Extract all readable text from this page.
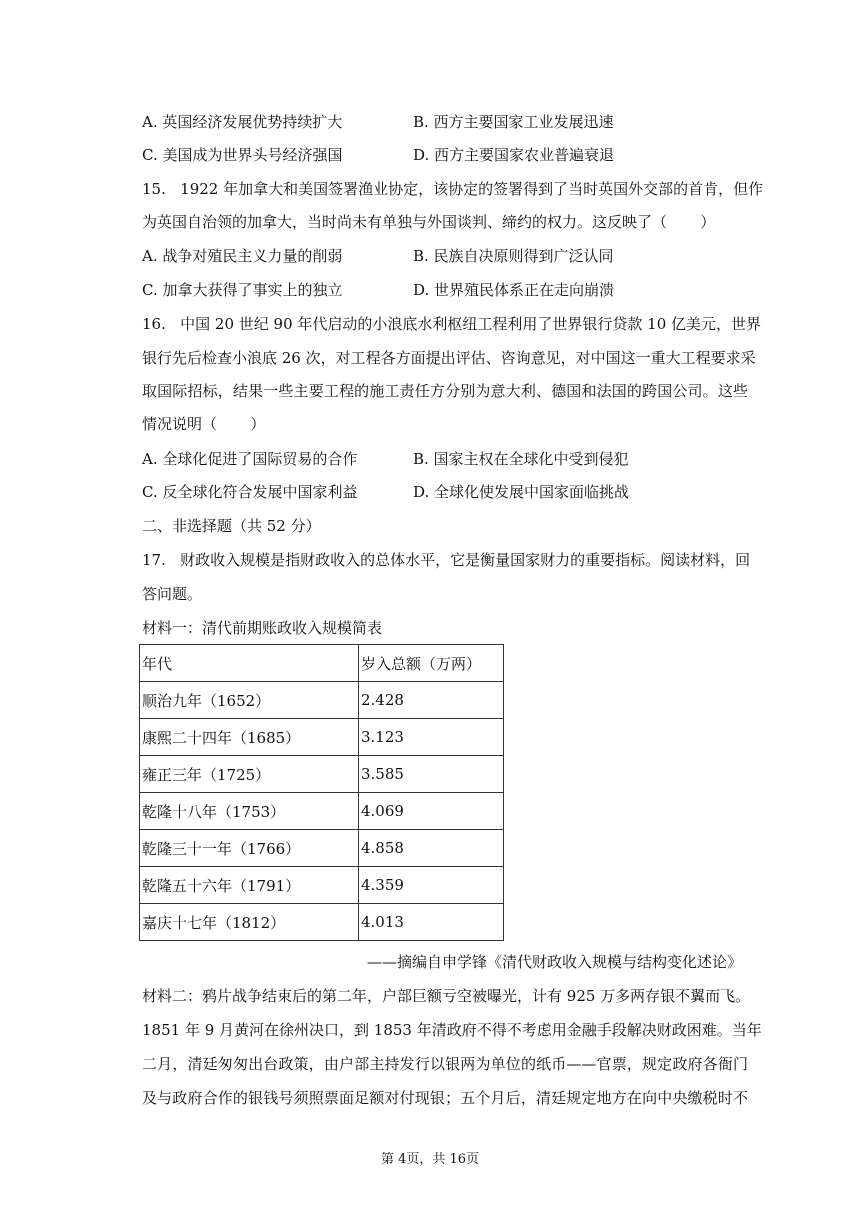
A. 英国经济发展优势持续扩大	B. 西方主要国家工业发展迅速
C. 美国成为世界头号经济强国	D. 西方主要国家农业普遍衰退
15.   1922 年加拿大和美国签署渔业协定，该协定的签署得到了当时英国外交部的首肯，但作
为英国自治领的加拿大，当时尚未有单独与外国谈判、缔约的权力。这反映了（       ）
A. 战争对殖民主义力量的削弱	B. 民族自决原则得到广泛认同
C. 加拿大获得了事实上的独立	D. 世界殖民体系正在走向崩溃
16.   中国 20 世纪 90 年代启动的小浪底水利枢纽工程利用了世界银行贷款 10 亿美元，世界
银行先后检查小浪底 26 次，对工程各方面提出评估、咨询意见，对中国这一重大工程要求采
取国际招标，结果一些主要工程的施工责任方分别为意大利、德国和法国的跨国公司。这些
情况说明（       ）
A. 全球化促进了国际贸易的合作	B. 国家主权在全球化中受到侵犯
C. 反全球化符合发展中国家利益	D. 全球化使发展中国家面临挑战
二、非选择题（共 52 分）
17.   财政收入规模是指财政收入的总体水平，它是衡量国家财力的重要指标。阅读材料，回
答问题。
材料一：清代前期账政收入规模简表
年代	岁入总额（万两）
顺治九年（1652）	2.428
康熙二十四年（1685）	3.123
雍正三年（1725）	3.585
乾隆十八年（1753）	4.069
乾隆三十一年（1766）	4.858
乾隆五十六年（1791）	4.359
嘉庆十七年（1812）	4.013
——摘编自申学锋《清代财政收入规模与结构变化述论》
材料二：鸦片战争结束后的第二年，户部巨额亏空被曝光，计有 925 万多两存银不翼而飞。
1851 年 9 月黄河在徐州决口，到 1853 年清政府不得不考虑用金融手段解决财政困难。当年
二月，清廷匆匆出台政策，由户部主持发行以银两为单位的纸币——官票，规定政府各衙门
及与政府合作的银钱号须照票面足额对付现银；五个月后，清廷规定地方在向中央缴税时不
第 4页，共 16页
